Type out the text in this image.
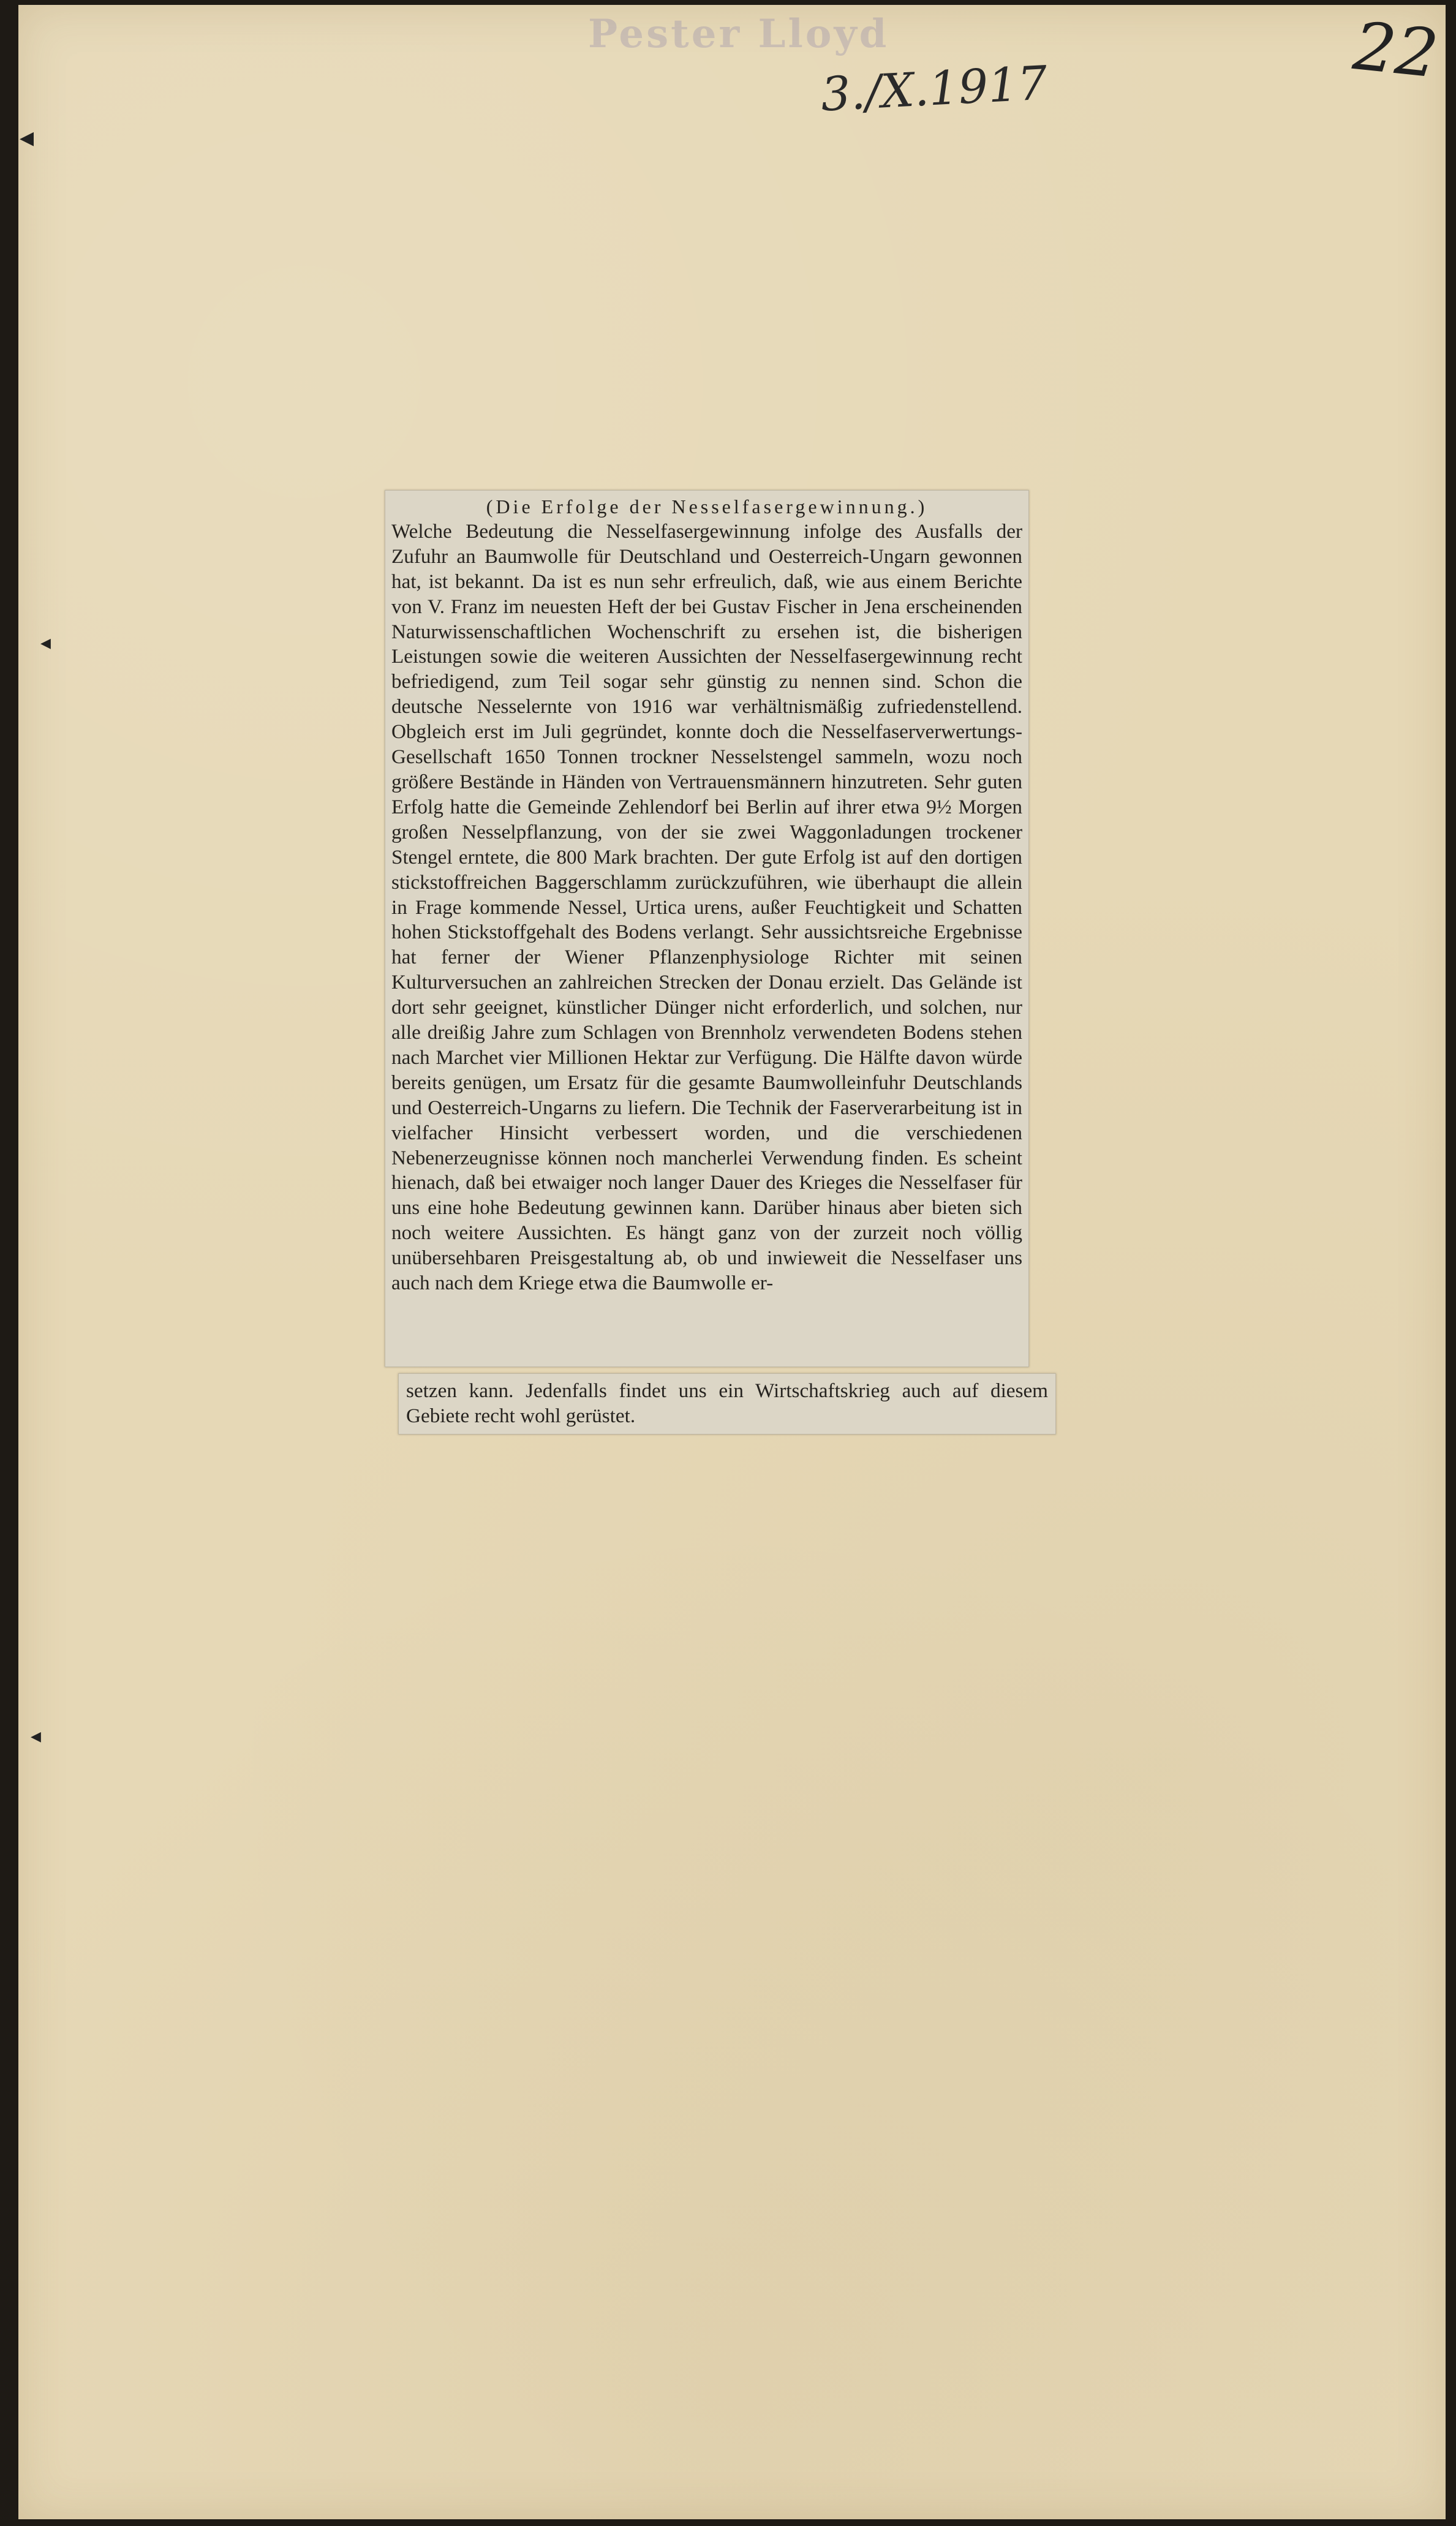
Pester Lloyd
3./X.1917	22
◀
◀
◀
(Die Erfolge der Nesselfasergewinnung.)

Welche Bedeutung die Nesselfasergewinnung infolge des Ausfalls der Zufuhr an Baumwolle für Deutschland und Oesterreich-Ungarn gewonnen hat, ist bekannt. Da ist es nun sehr erfreulich, daß, wie aus einem Berichte von V. Franz im neuesten Heft der bei Gustav Fischer in Jena erscheinenden Naturwissenschaftlichen Wochenschrift zu ersehen ist, die bisherigen Leistungen sowie die weiteren Aussichten der Nesselfasergewinnung recht befriedigend, zum Teil sogar sehr günstig zu nennen sind. Schon die deutsche Nesselernte von 1916 war verhältnismäßig zufriedenstellend. Obgleich erst im Juli gegründet, konnte doch die Nesselfaserverwertungs-Gesellschaft 1650 Tonnen trockner Nesselstengel sammeln, wozu noch größere Bestände in Händen von Vertrauensmännern hinzutreten. Sehr guten Erfolg hatte die Gemeinde Zehlendorf bei Berlin auf ihrer etwa 9½ Morgen großen Nesselpflanzung, von der sie zwei Waggonladungen trockener Stengel erntete, die 800 Mark brachten. Der gute Erfolg ist auf den dortigen stickstoffreichen Baggerschlamm zurückzuführen, wie überhaupt die allein in Frage kommende Nessel, Urtica urens, außer Feuchtigkeit und Schatten hohen Stickstoffgehalt des Bodens verlangt. Sehr aussichtsreiche Ergebnisse hat ferner der Wiener Pflanzenphysiologe Richter mit seinen Kulturversuchen an zahlreichen Strecken der Donau erzielt. Das Gelände ist dort sehr geeignet, künstlicher Dünger nicht erforderlich, und solchen, nur alle dreißig Jahre zum Schlagen von Brennholz verwendeten Bodens stehen nach Marchet vier Millionen Hektar zur Verfügung. Die Hälfte davon würde bereits genügen, um Ersatz für die gesamte Baumwolleinfuhr Deutschlands und Oesterreich-Ungarns zu liefern. Die Technik der Faserverarbeitung ist in vielfacher Hinsicht verbessert worden, und die verschiedenen Nebenerzeugnisse können noch mancherlei Verwendung finden. Es scheint hienach, daß bei etwaiger noch langer Dauer des Krieges die Nesselfaser für uns eine hohe Bedeutung gewinnen kann. Darüber hinaus aber bieten sich noch weitere Aussichten. Es hängt ganz von der zurzeit noch völlig unübersehbaren Preisgestaltung ab, ob und inwieweit die Nesselfaser uns auch nach dem Kriege etwa die Baumwolle er-

setzen kann. Jedenfalls findet uns ein Wirtschaftskrieg auch auf diesem Gebiete recht wohl gerüstet.
